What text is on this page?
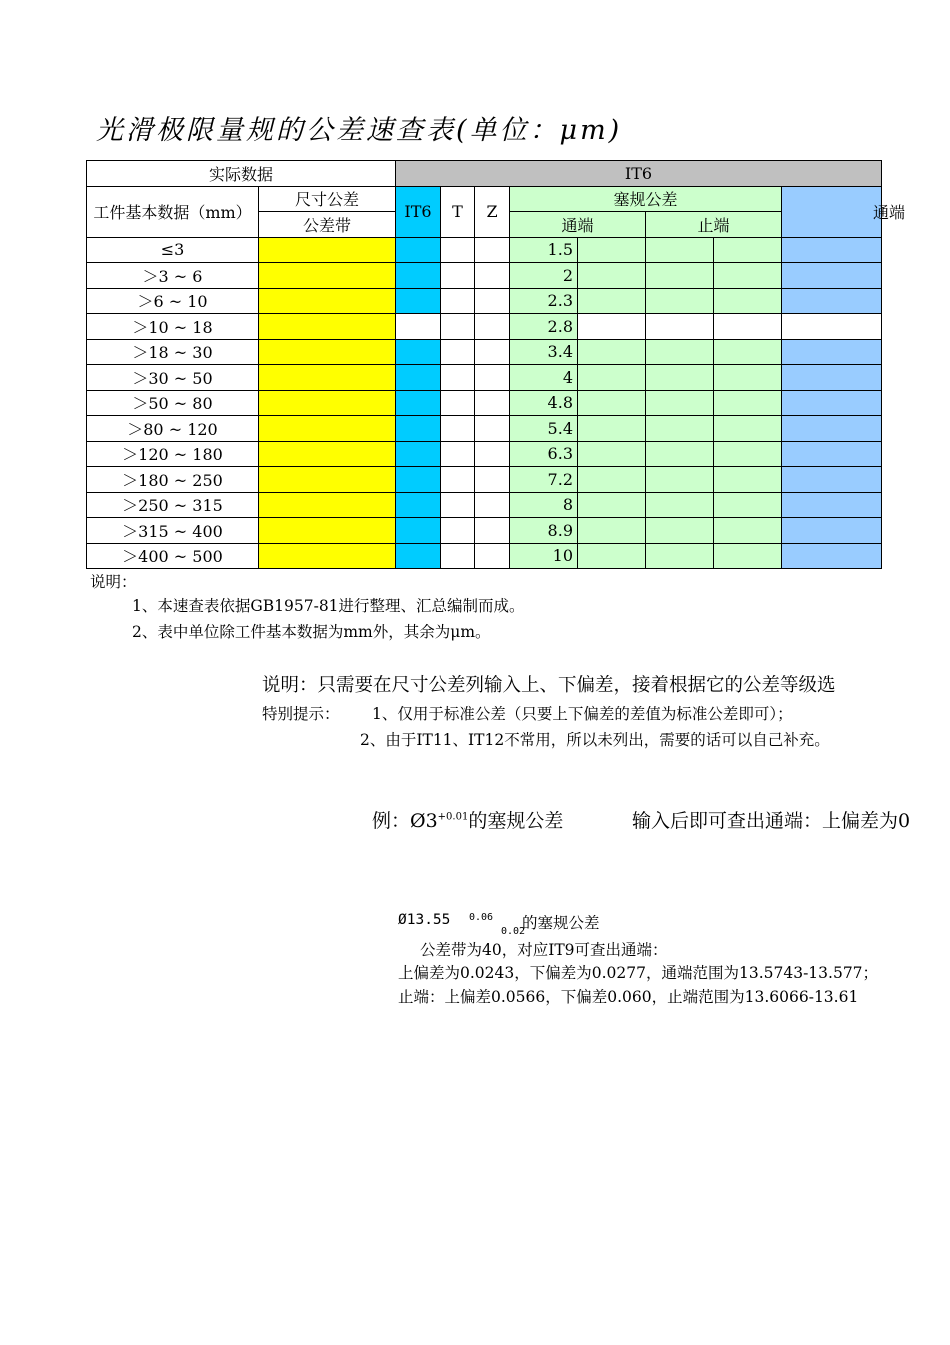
光滑极限量规的公差速查表(单位：μm)
实际数据		IT6							
工件基本数据（mm）	尺寸公差	IT6	T	Z	塞规公差				通端
	公差带				通端		止端		
≤3					1.5				
＞3 ~ 6					2				
＞6 ~ 10					2.3				
＞10 ~ 18					2.8				
＞18 ~ 30					3.4				
＞30 ~ 50					4				
＞50 ~ 80					4.8				
＞80 ~ 120					5.4				
＞120 ~ 180					6.3				
＞180 ~ 250					7.2				
＞250 ~ 315					8				
＞315 ~ 400					8.9				
＞400 ~ 500					10				
说明：
1、本速查表依据GB1957-81进行整理、汇总编制而成。
2、表中单位除工件基本数据为mm外，其余为μm。
说明：只需要在尺寸公差列输入上、下偏差，接着根据它的公差等级选
特别提示： 1、仅用于标准公差（只要上下偏差的差值为标准公差即可）；
2、由于IT11、IT12不常用，所以未列出，需要的话可以自己补充。
例：$Ø3^{+0.01}$的塞规公差	输入后即可查出通端：上偏差为0
Ø13.55 0.06
0.02
的塞规公差
公差带为40，对应IT9可查出通端：
上偏差为0.0243，下偏差为0.0277，通端范围为13.5743-13.577；
止端：上偏差0.0566，下偏差0.060，止端范围为13.6066-13.61
